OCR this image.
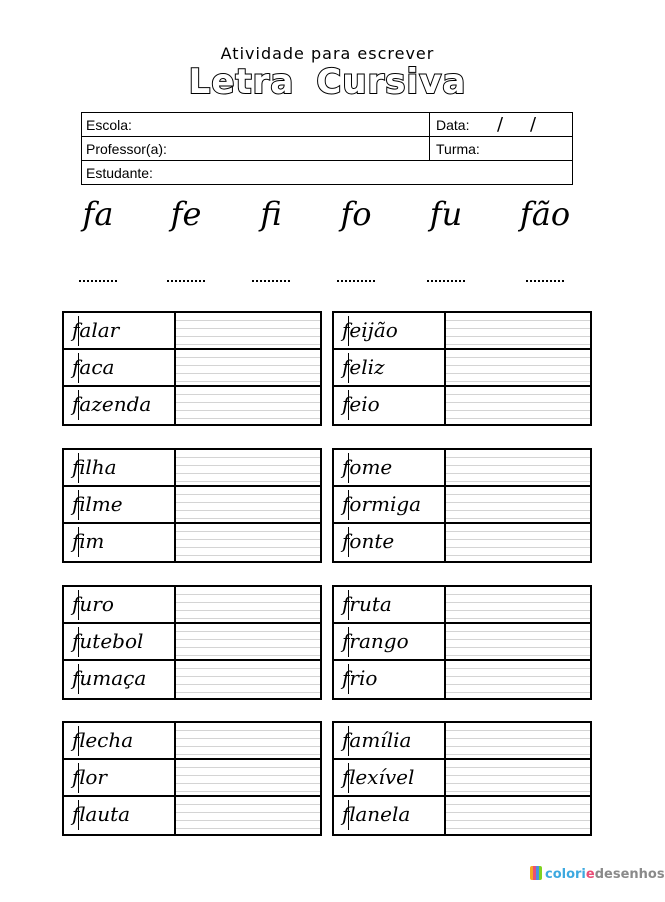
Atividade para escrever
Letra Cursiva
Escola:	Data: / /
Professor(a):	Turma:
Estudante:
fa fe fi fo fu fão
falar
faca
fazenda
feijão
feliz
feio
filha
filme
fim
fome
formiga
fonte
furo
futebol
fumaça
fruta
frango
frio
flecha
flor
flauta
família
flexível
flanela
coloriedesenhos
